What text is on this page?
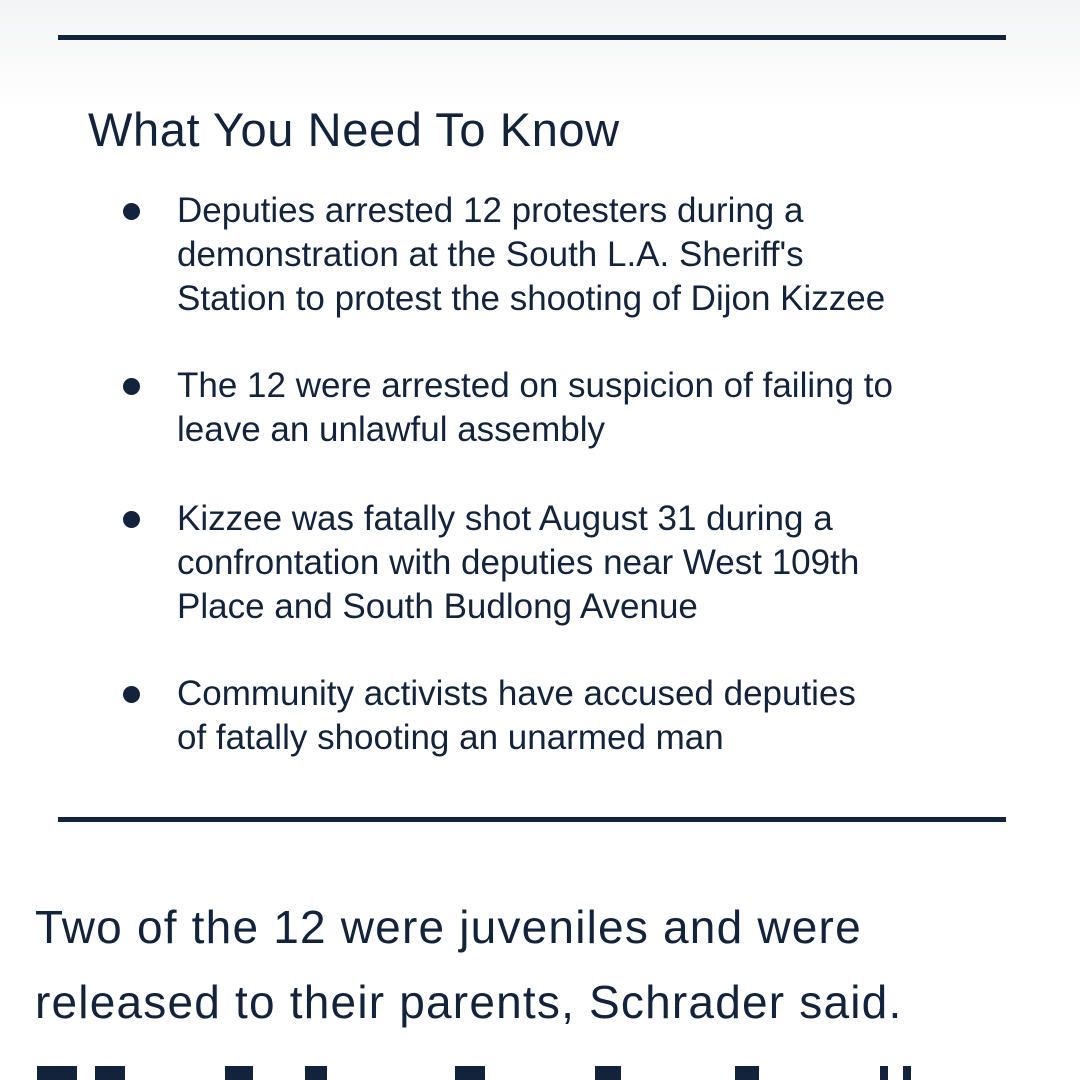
What You Need To Know

Deputies arrested 12 protesters during a
demonstration at the South L.A. Sheriff's
Station to protest the shooting of Dijon Kizzee

The 12 were arrested on suspicion of failing to
leave an unlawful assembly

Kizzee was fatally shot August 31 during a
confrontation with deputies near West 109th
Place and South Budlong Avenue

Community activists have accused deputies
of fatally shooting an unarmed man

Two of the 12 were juveniles and were
released to their parents, Schrader said.
